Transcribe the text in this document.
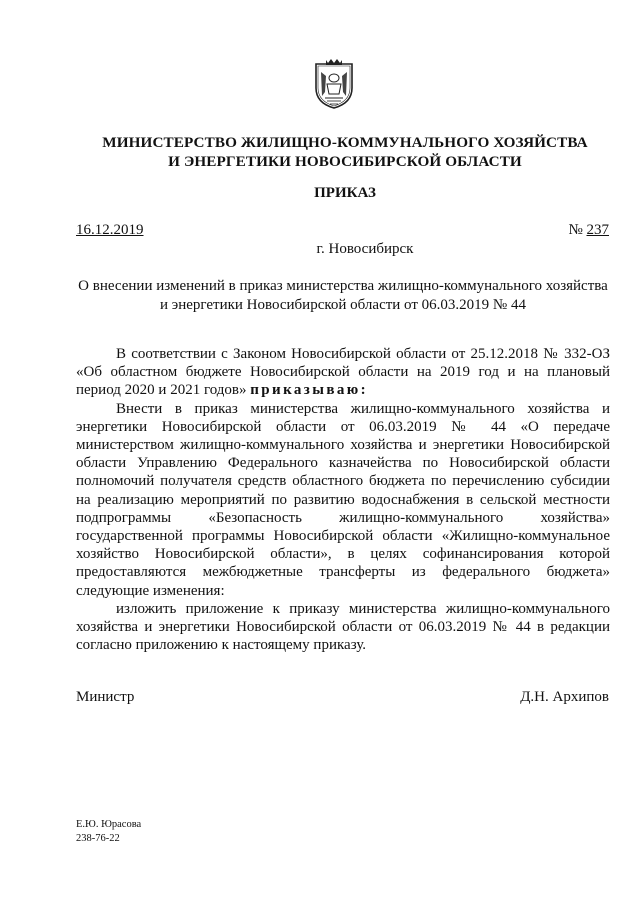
МИНИСТЕРСТВО ЖИЛИЩНО-КОММУНАЛЬНОГО ХОЗЯЙСТВА
И ЭНЕРГЕТИКИ НОВОСИБИРСКОЙ ОБЛАСТИ
ПРИКАЗ
16.12.2019	№ 237
г. Новосибирск
О внесении изменений в приказ министерства жилищно-коммунального хозяйства и энергетики Новосибирской области от 06.03.2019 № 44

В соответствии с Законом Новосибирской области от 25.12.2018 № 332-ОЗ «Об областном бюджете Новосибирской области на 2019 год и на плановый период 2020 и 2021 годов» приказываю:

Внести в приказ министерства жилищно-коммунального хозяйства и энергетики Новосибирской области от 06.03.2019 № 44 «О передаче министерством жилищно-коммунального хозяйства и энергетики Новосибирской области Управлению Федерального казначейства по Новосибирской области полномочий получателя средств областного бюджета по перечислению субсидии на реализацию мероприятий по развитию водоснабжения в сельской местности подпрограммы «Безопасность жилищно-коммунального хозяйства» государственной программы Новосибирской области «Жилищно-коммунальное хозяйство Новосибирской области», в целях софинансирования которой предоставляются межбюджетные трансферты из федерального бюджета» следующие изменения:

изложить приложение к приказу министерства жилищно-коммунального хозяйства и энергетики Новосибирской области от 06.03.2019 № 44 в редакции согласно приложению к настоящему приказу.

Министр	Д.Н. Архипов
Е.Ю. Юрасова
238-76-22
